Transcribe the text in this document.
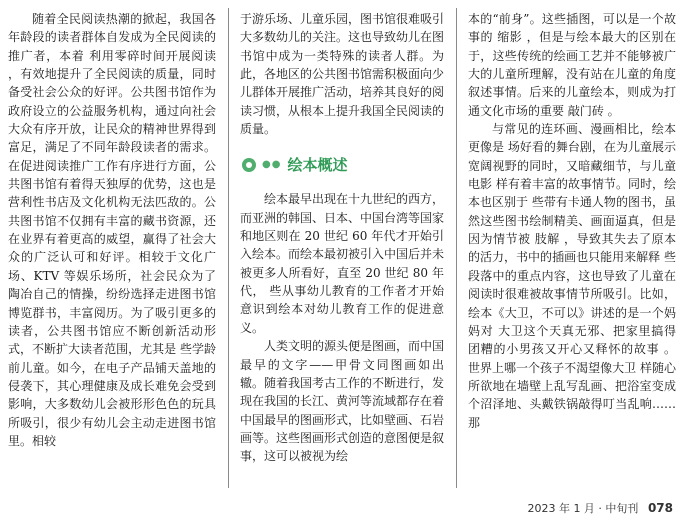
随着全民阅读热潮的掀起，我国各年龄段的读者群体自发成为全民阅读的推广者，本着 利用零碎时间开展阅读 ，有效地提升了全民阅读的质量，同时备受社会公众的好评。公共图书馆作为政府设立的公益服务机构，通过向社会大众有序开放，让民众的精神世界得到富足，满足了不同年龄段读者的需求。在促进阅读推广工作有序进行方面，公共图书馆有着得天独厚的优势，这也是营利性书店及文化机构无法匹敌的。公共图书馆不仅拥有丰富的藏书资源，还在业界有着更高的威望，赢得了社会大众的广泛认可和好评。相较于文化广场、KTV 等娱乐场所，社会民众为了陶冶自己的情操，纷纷选择走进图书馆博览群书，丰富阅历。为了吸引更多的读者，公共图书馆应不断创新活动形式，不断扩大读者范围，尤其是 些学龄前儿童。如今，在电子产品铺天盖地的侵袭下，其心理健康及成长难免会受到影响，大多数幼儿会被形形色色的玩具所吸引，很少有幼儿会主动走进图书馆里。相较

于游乐场、儿童乐园，图书馆很难吸引大多数幼儿的关注。这也导致幼儿在图书馆中成为一类特殊的读者人群。为此，各地区的公共图书馆需积极面向少儿群体开展推广活动，培养其良好的阅读习惯，从根本上提升我国全民阅读的质量。

●● 绘本概述

绘本最早出现在十九世纪的西方，而亚洲的韩国、日本、中国台湾等国家和地区则在 20 世纪 60 年代才开始引入绘本。而绘本最初被引入中国后并未被更多人所看好，直至 20 世纪 80 年代， 些从事幼儿教育的工作者才开始意识到绘本对幼儿教育工作的促进意义。

人类文明的源头便是图画，而中国最早的文字——甲骨文同图画如出 辙。随着我国考古工作的不断进行，发现在我国的长江、黄河等流域都存在着中国最早的图画形式，比如壁画、石岩画等。这些图画形式创造的意图便是叙事，这可以被视为绘

本的“前身”。这些插图，可以是一个故事的 缩影 ，但是与绘本最大的区别在于，这些传统的绘画工艺并不能够被广大的儿童所理解，没有站在儿童的角度叙述事情。后来的儿童绘本，则成为打通文化市场的重要 敲门砖 。

与常见的连环画、漫画相比，绘本更像是 场好看的舞台剧，在为儿童展示宽阔视野的同时，又暗藏细节，与儿童电影 样有着丰富的故事情节。同时，绘本也区别于 些带有卡通人物的图书，虽然这些图书绘制精美、画面逼真，但是因为情节被 肢解 ，导致其失去了原本的活力，书中的插画也只能用来解释 些段落中的重点内容，这也导致了儿童在阅读时很难被故事情节所吸引。比如，绘本《大卫，不可以》讲述的是一个妈妈对 大卫这个天真无邪、把家里搞得 团糟的小男孩又开心又释怀的故事 。 世界上哪一个孩子不渴望像大卫 样随心所欲地在墙壁上乱写乱画、把浴室变成 个沼泽地、头戴铁锅敲得叮当乱响……那

2023 年 1 月 · 中旬刊 078
